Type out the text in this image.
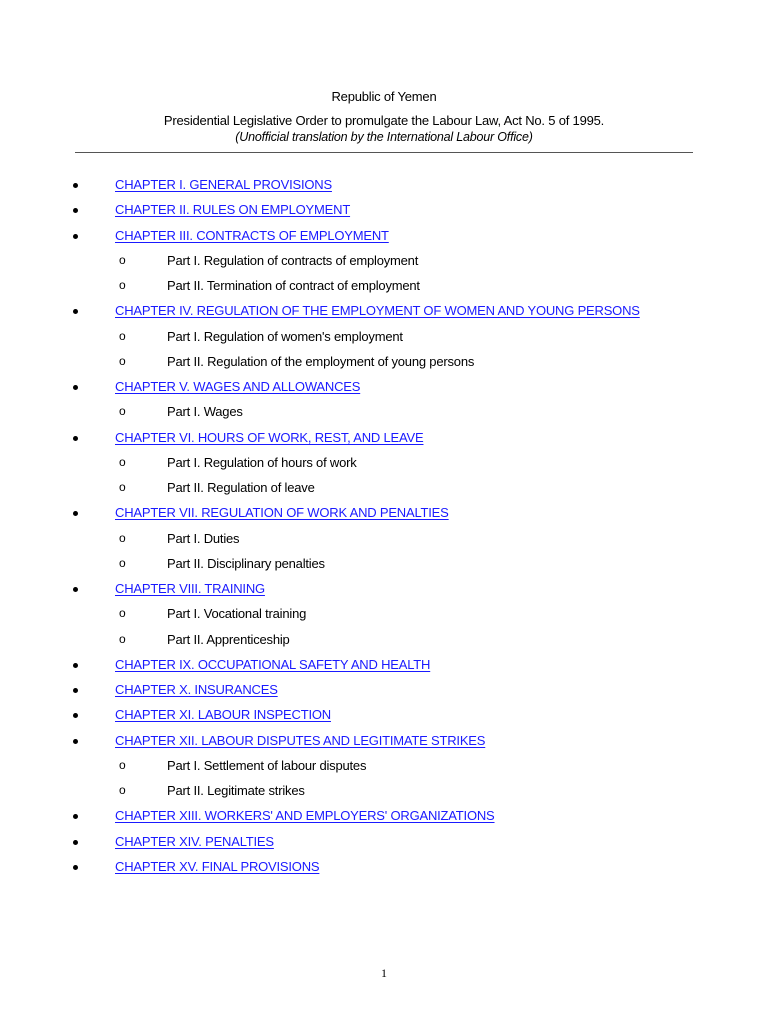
Republic of Yemen
Presidential Legislative Order to promulgate the Labour Law, Act No. 5 of 1995.
(Unofficial translation by the International Labour Office)
CHAPTER I. GENERAL PROVISIONS
CHAPTER II. RULES ON EMPLOYMENT
CHAPTER III. CONTRACTS OF EMPLOYMENT
o	Part I. Regulation of contracts of employment
o	Part II. Termination of contract of employment
CHAPTER IV. REGULATION OF THE EMPLOYMENT OF WOMEN AND YOUNG PERSONS
o	Part I. Regulation of women's employment
o	Part II. Regulation of the employment of young persons
CHAPTER V. WAGES AND ALLOWANCES
o	Part I. Wages
CHAPTER VI. HOURS OF WORK, REST, AND LEAVE
o	Part I. Regulation of hours of work
o	Part II. Regulation of leave
CHAPTER VII. REGULATION OF WORK AND PENALTIES
o	Part I. Duties
o	Part II. Disciplinary penalties
CHAPTER VIII. TRAINING
o	Part I. Vocational training
o	Part II. Apprenticeship
CHAPTER IX. OCCUPATIONAL SAFETY AND HEALTH
CHAPTER X. INSURANCES
CHAPTER XI. LABOUR INSPECTION
CHAPTER XII. LABOUR DISPUTES AND LEGITIMATE STRIKES
o	Part I. Settlement of labour disputes
o	Part II. Legitimate strikes
CHAPTER XIII. WORKERS' AND EMPLOYERS' ORGANIZATIONS
CHAPTER XIV. PENALTIES
CHAPTER XV. FINAL PROVISIONS
1
